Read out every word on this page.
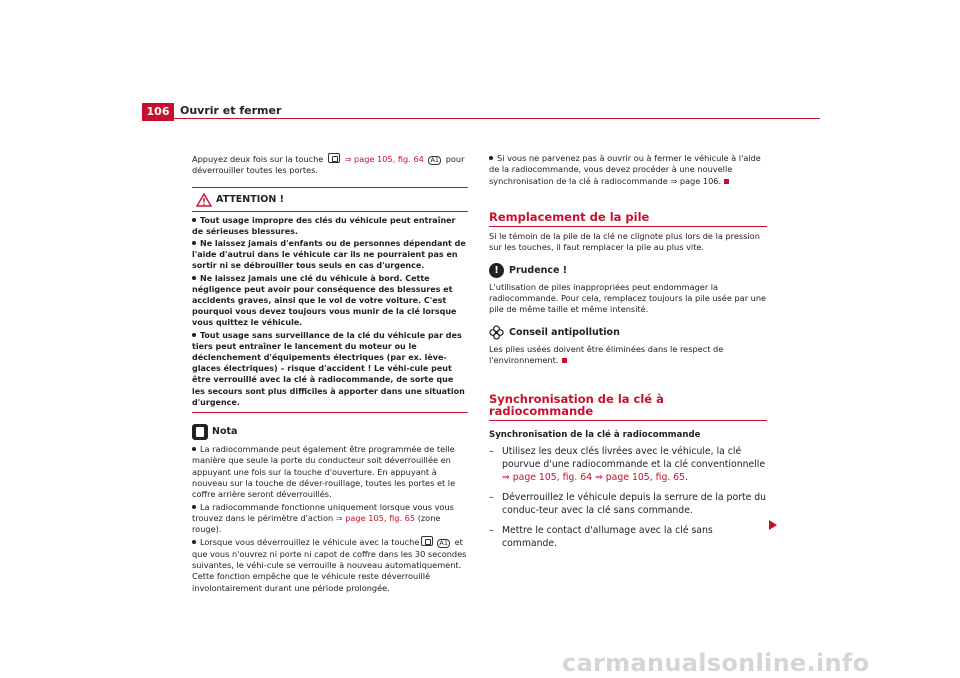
106 Ouvrir et fermer

Appuyez deux fois sur la touche	⇒ page 105, fig. 64 A1 pour déverrouiller toutes les portes.

ATTENTION !

Tout usage impropre des clés du véhicule peut entraîner de sérieuses blessures.
Ne laissez jamais d'enfants ou de personnes dépendant de l'aide d'autrui dans le véhicule car ils ne pourraient pas en sortir ni se débrouiller tous seuls en cas d'urgence.
Ne laissez jamais une clé du véhicule à bord. Cette négligence peut avoir pour conséquence des blessures et accidents graves, ainsi que le vol de votre voiture. C'est pourquoi vous devez toujours vous munir de la clé lorsque vous quittez le véhicule.
Tout usage sans surveillance de la clé du véhicule par des tiers peut entraîner le lancement du moteur ou le déclenchement d'équipements électriques (par ex. lève-glaces électriques) – risque d'accident ! Le véhi-cule peut être verrouillé avec la clé à radiocommande, de sorte que les secours sont plus difficiles à apporter dans une situation d'urgence.

Nota

La radiocommande peut également être programmée de telle manière que seule la porte du conducteur soit déverrouillée en appuyant une fois sur la touche d'ouverture. En appuyant à nouveau sur la touche de déver-rouillage, toutes les portes et le coffre arrière seront déverrouillés.
La radiocommande fonctionne uniquement lorsque vous vous trouvez dans le périmètre d'action ⇒ page 105, fig. 65 (zone rouge).
Lorsque vous déverrouillez le véhicule avec la touche	A1 et que vous n'ouvrez ni porte ni capot de coffre dans les 30 secondes suivantes, le véhi-cule se verrouille à nouveau automatiquement. Cette fonction empêche que le véhicule reste déverrouillé involontairement durant une période prolongée.

Si vous ne parvenez pas à ouvrir ou à fermer le véhicule à l'aide de la radiocommande, vous devez procéder à une nouvelle synchronisation de la clé à radiocommande ⇒ page 106.

Remplacement de la pile

Si le témoin de la pile de la clé ne clignote plus lors de la pression sur les touches, il faut remplacer la pile au plus vite.

!	Prudence !

L'utilisation de piles inappropriées peut endommager la radiocommande. Pour cela, remplacez toujours la pile usée par une pile de même taille et même intensité.

Conseil antipollution

Les piles usées doivent être éliminées dans le respect de l'environnement.

Synchronisation de la clé à radiocommande
Synchronisation de la clé à radiocommande
– Utilisez les deux clés livrées avec le véhicule, la clé pourvue d'une radiocommande et la clé conventionnelle ⇒ page 105, fig. 64 ⇒ page 105, fig. 65.
– Déverrouillez le véhicule depuis la serrure de la porte du conduc-teur avec la clé sans commande.
– Mettre le contact d'allumage avec la clé sans commande.
carmanualsonline.info
